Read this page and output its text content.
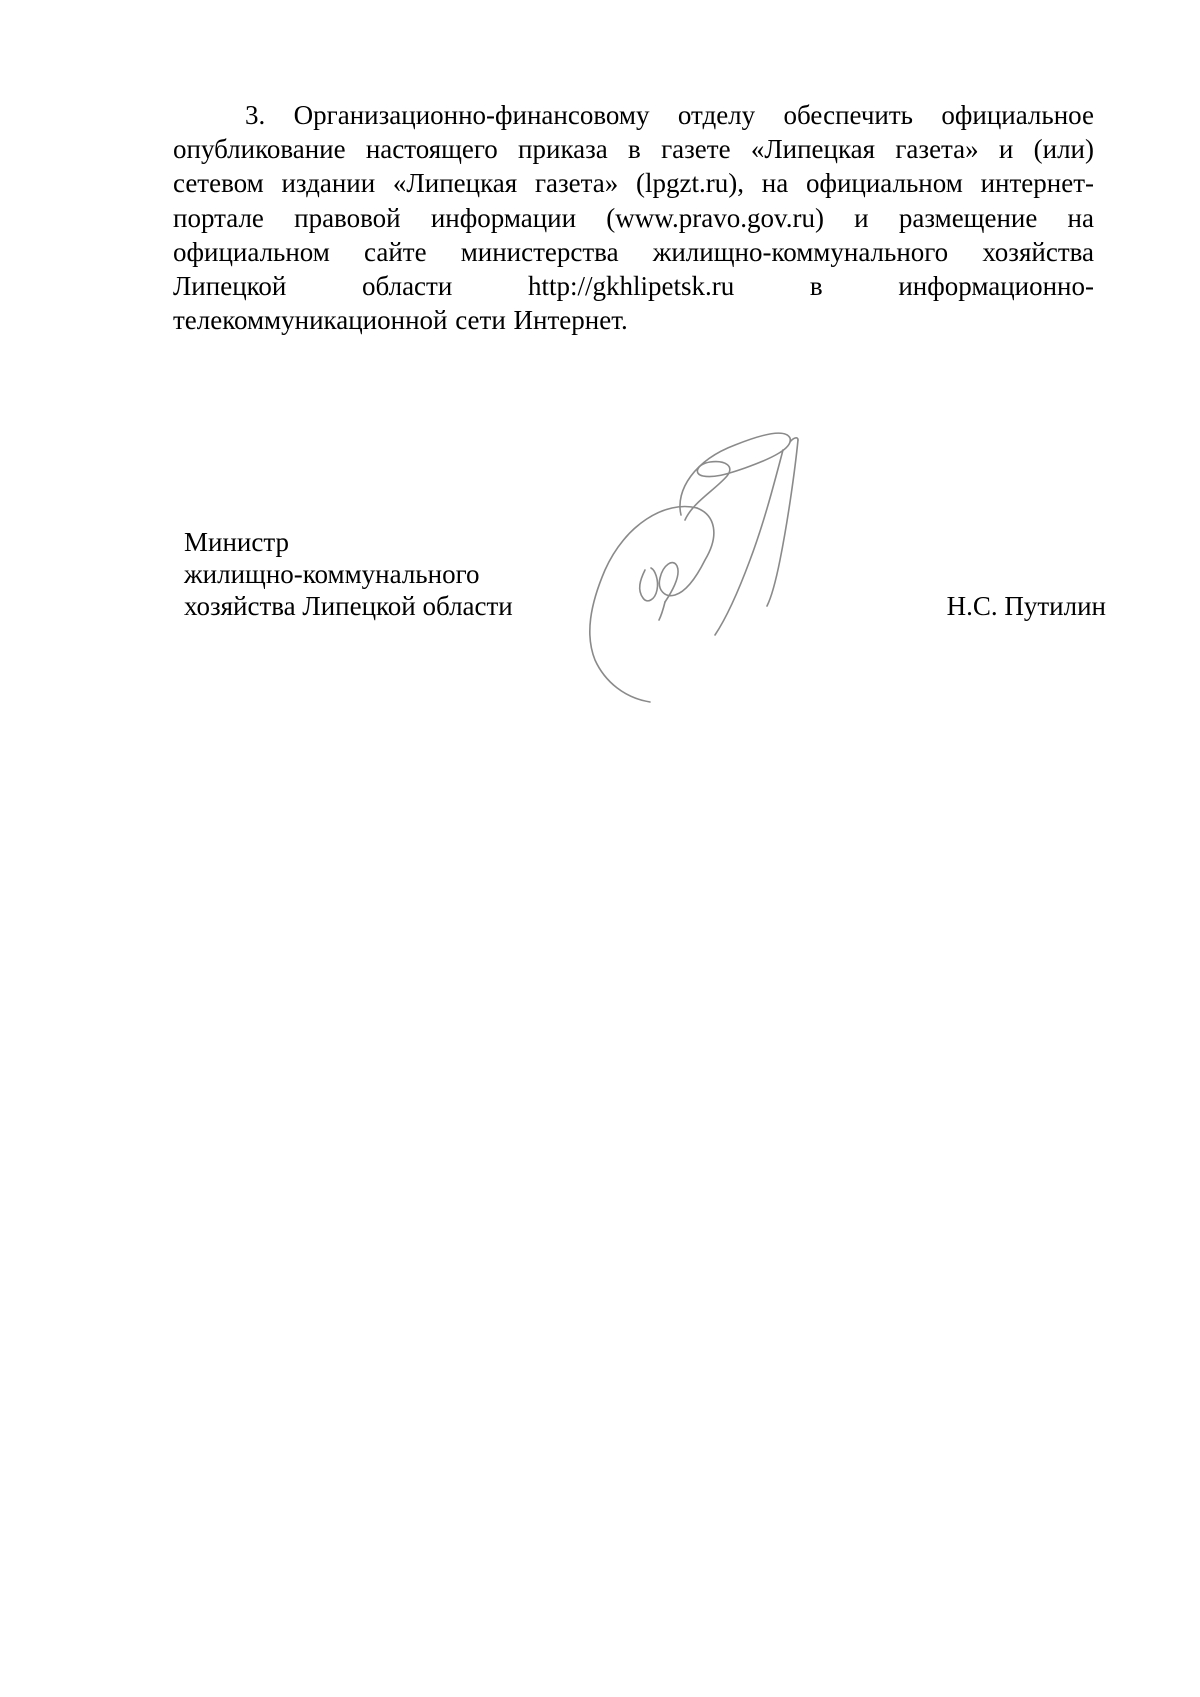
3. Организационно-финансовому отделу обеспечить официальное
опубликование настоящего приказа в газете «Липецкая газета» и (или)
сетевом издании «Липецкая газета» (lpgzt.ru), на официальном интернет-
портале правовой информации (www.pravo.gov.ru) и размещение на
официальном сайте министерства жилищно-коммунального хозяйства
Липецкой области http://gkhlipetsk.ru в информационно-
телекоммуникационной сети Интернет.
Министр
жилищно-коммунального
хозяйства Липецкой области	Н.С. Путилин
